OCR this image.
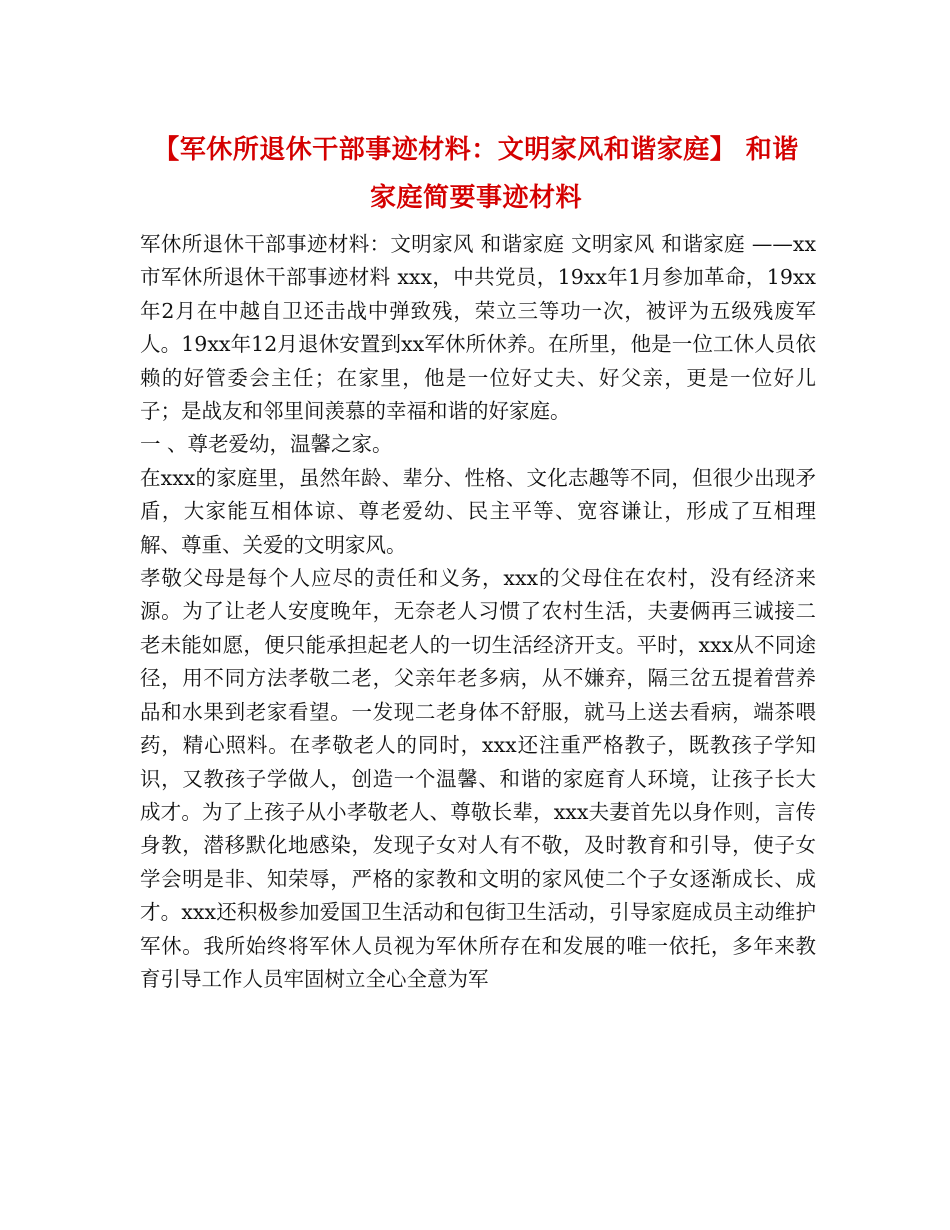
【军休所退休干部事迹材料：文明家风和谐家庭】 和谐家庭简要事迹材料

军休所退休干部事迹材料：文明家风 和谐家庭 文明家风 和谐家庭 ——xx市军休所退休干部事迹材料 xxx，中共党员，19xx年1月参加革命，19xx年2月在中越自卫还击战中弹致残，荣立三等功一次，被评为五级残废军人。19xx年12月退休安置到xx军休所休养。在所里，他是一位工休人员依赖的好管委会主任；在家里，他是一位好丈夫、好父亲，更是一位好儿子；是战友和邻里间羡慕的幸福和谐的好家庭。

一 、尊老爱幼，温馨之家。

在xxx的家庭里，虽然年龄、辈分、性格、文化志趣等不同，但很少出现矛盾，大家能互相体谅、尊老爱幼、民主平等、宽容谦让，形成了互相理解、尊重、关爱的文明家风。

孝敬父母是每个人应尽的责任和义务，xxx的父母住在农村，没有经济来源。为了让老人安度晚年，无奈老人习惯了农村生活，夫妻俩再三诚接二老未能如愿，便只能承担起老人的一切生活经济开支。平时，xxx从不同途径，用不同方法孝敬二老，父亲年老多病，从不嫌弃，隔三岔五提着营养品和水果到老家看望。一发现二老身体不舒服，就马上送去看病，端茶喂药，精心照料。在孝敬老人的同时，xxx还注重严格教子，既教孩子学知识，又教孩子学做人，创造一个温馨、和谐的家庭育人环境，让孩子长大成才。为了上孩子从小孝敬老人、尊敬长辈，xxx夫妻首先以身作则，言传身教，潜移默化地感染，发现子女对人有不敬，及时教育和引导，使子女学会明是非、知荣辱，严格的家教和文明的家风使二个子女逐渐成长、成才。xxx还积极参加爱国卫生活动和包街卫生活动，引导家庭成员主动维护军休。我所始终将军休人员视为军休所存在和发展的唯一依托，多年来教育引导工作人员牢固树立全心全意为军
